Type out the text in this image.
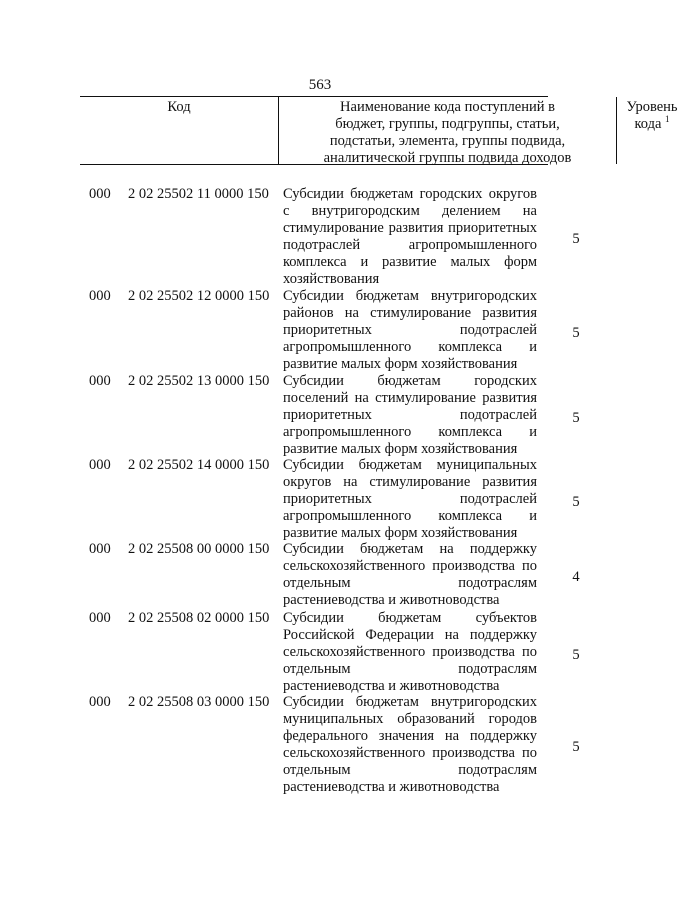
563
Код	Наименование кода поступлений в
бюджет, группы, подгруппы, статьи,
подстатьи, элемента, группы подвида,
аналитической группы подвида доходов
Уровень
кода $^1$
000 2 02 25502 11 0000 150 Субсидии бюджетам городских округов
с внутригородским делением на
стимулирование развития приоритетных
подотраслей агропромышленного
комплекса и развитие малых форм
хозяйствования
5
000 2 02 25502 12 0000 150 Субсидии бюджетам внутригородских
районов на стимулирование развития
приоритетных подотраслей
агропромышленного комплекса и
развитие малых форм хозяйствования
5
000 2 02 25502 13 0000 150 Субсидии бюджетам городских
поселений на стимулирование развития
приоритетных подотраслей
агропромышленного комплекса и
развитие малых форм хозяйствования
5
000 2 02 25502 14 0000 150 Субсидии бюджетам муниципальных
округов на стимулирование развития
приоритетных подотраслей
агропромышленного комплекса и
развитие малых форм хозяйствования
5
000 2 02 25508 00 0000 150 Субсидии бюджетам на поддержку
сельскохозяйственного производства по
отдельным подотраслям
растениеводства и животноводства
4
000 2 02 25508 02 0000 150 Субсидии бюджетам субъектов
Российской Федерации на поддержку
сельскохозяйственного производства по
отдельным подотраслям
растениеводства и животноводства
5
000 2 02 25508 03 0000 150 Субсидии бюджетам внутригородских
муниципальных образований городов
федерального значения на поддержку
сельскохозяйственного производства по
отдельным подотраслям
растениеводства и животноводства
5
